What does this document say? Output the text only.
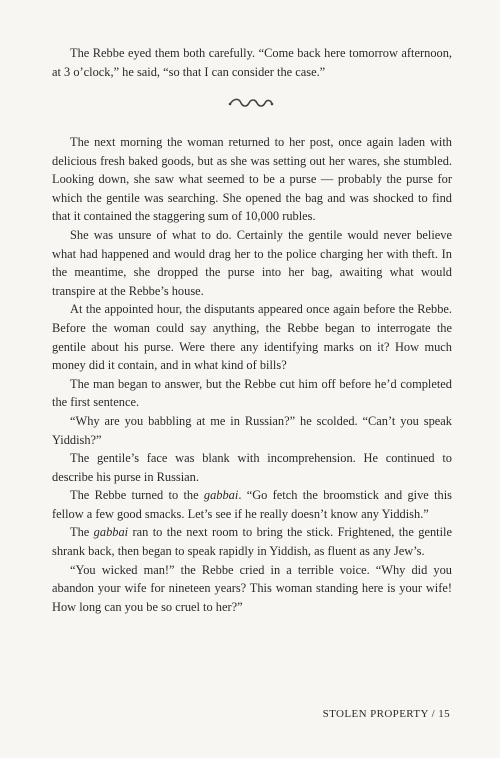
The Rebbe eyed them both carefully. “Come back here tomorrow afternoon, at 3 o’clock,” he said, “so that I can consider the case.”

The next morning the woman returned to her post, once again laden with delicious fresh baked goods, but as she was setting out her wares, she stumbled. Looking down, she saw what seemed to be a purse — probably the purse for which the gentile was searching. She opened the bag and was shocked to find that it contained the staggering sum of 10,000 rubles.

She was unsure of what to do. Certainly the gentile would never believe what had happened and would drag her to the police charging her with theft. In the meantime, she dropped the purse into her bag, awaiting what would transpire at the Rebbe’s house.

At the appointed hour, the disputants appeared once again before the Rebbe. Before the woman could say anything, the Rebbe began to interrogate the gentile about his purse. Were there any identifying marks on it? How much money did it contain, and in what kind of bills?

The man began to answer, but the Rebbe cut him off before he’d completed the first sentence.

“Why are you babbling at me in Russian?” he scolded. “Can’t you speak Yiddish?”

The gentile’s face was blank with incomprehension. He continued to describe his purse in Russian.

The Rebbe turned to the gabbai. “Go fetch the broomstick and give this fellow a few good smacks. Let’s see if he really doesn’t know any Yiddish.”

The gabbai ran to the next room to bring the stick. Frightened, the gentile shrank back, then began to speak rapidly in Yiddish, as fluent as any Jew’s.

“You wicked man!” the Rebbe cried in a terrible voice. “Why did you abandon your wife for nineteen years? This woman standing here is your wife! How long can you be so cruel to her?”

STOLEN PROPERTY / 15
